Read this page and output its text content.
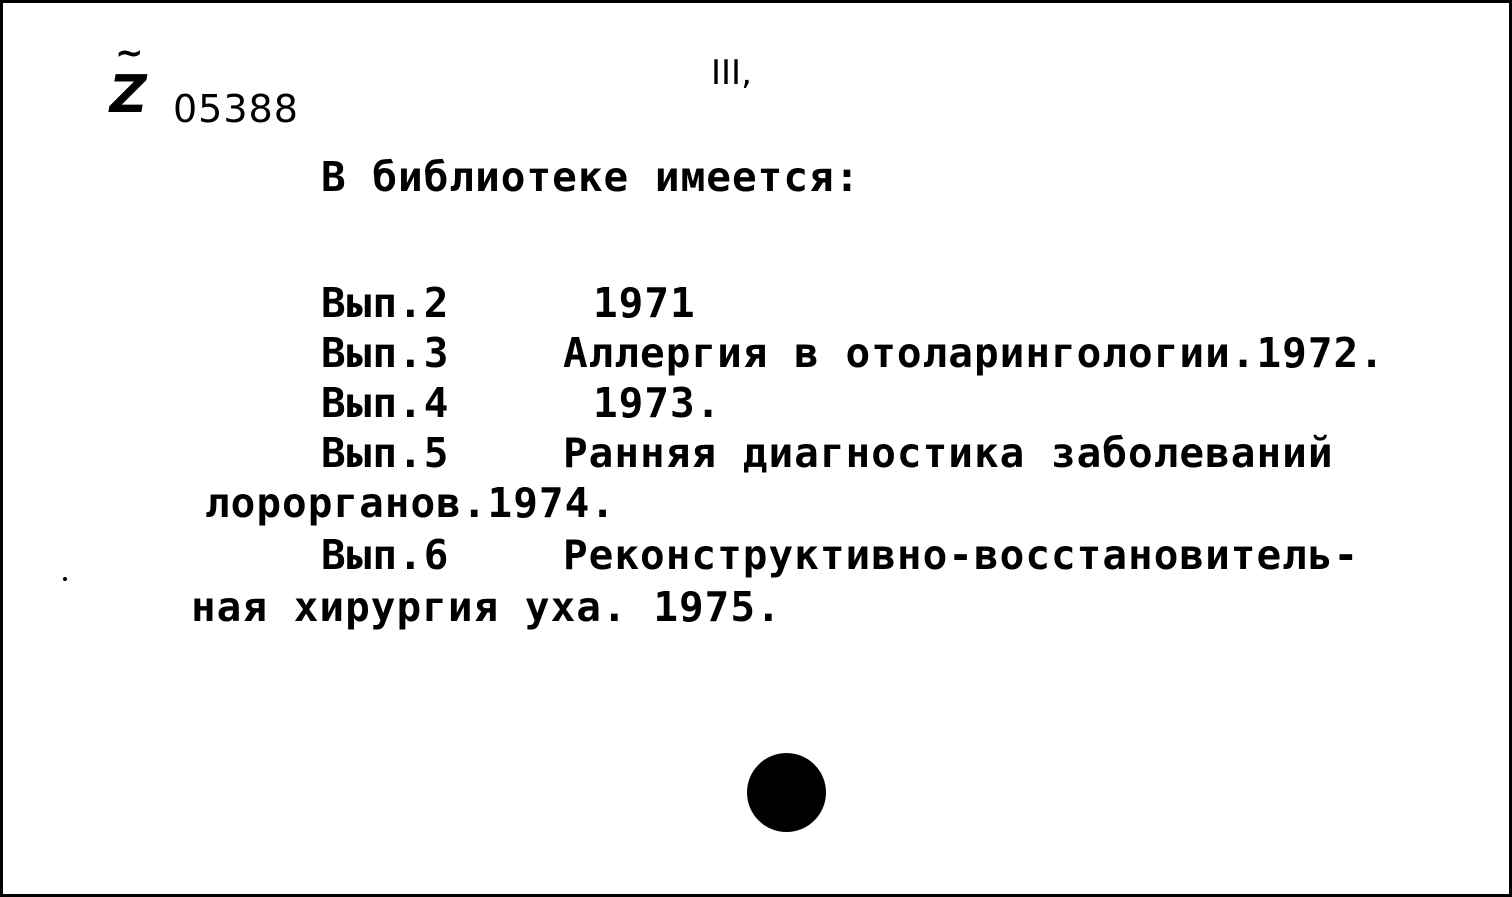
~
Z 05388
III,
В библиотеке имеется:
Вып.2	1971
Вып.3	Аллергия в отоларингологии.1972.
Вып.4	1973.
Вып.5	Ранняя диагностика заболеваний
лорорганов.1974.
Вып.6	Реконструктивно-восстановитель-
ная хирургия уха. 1975.
